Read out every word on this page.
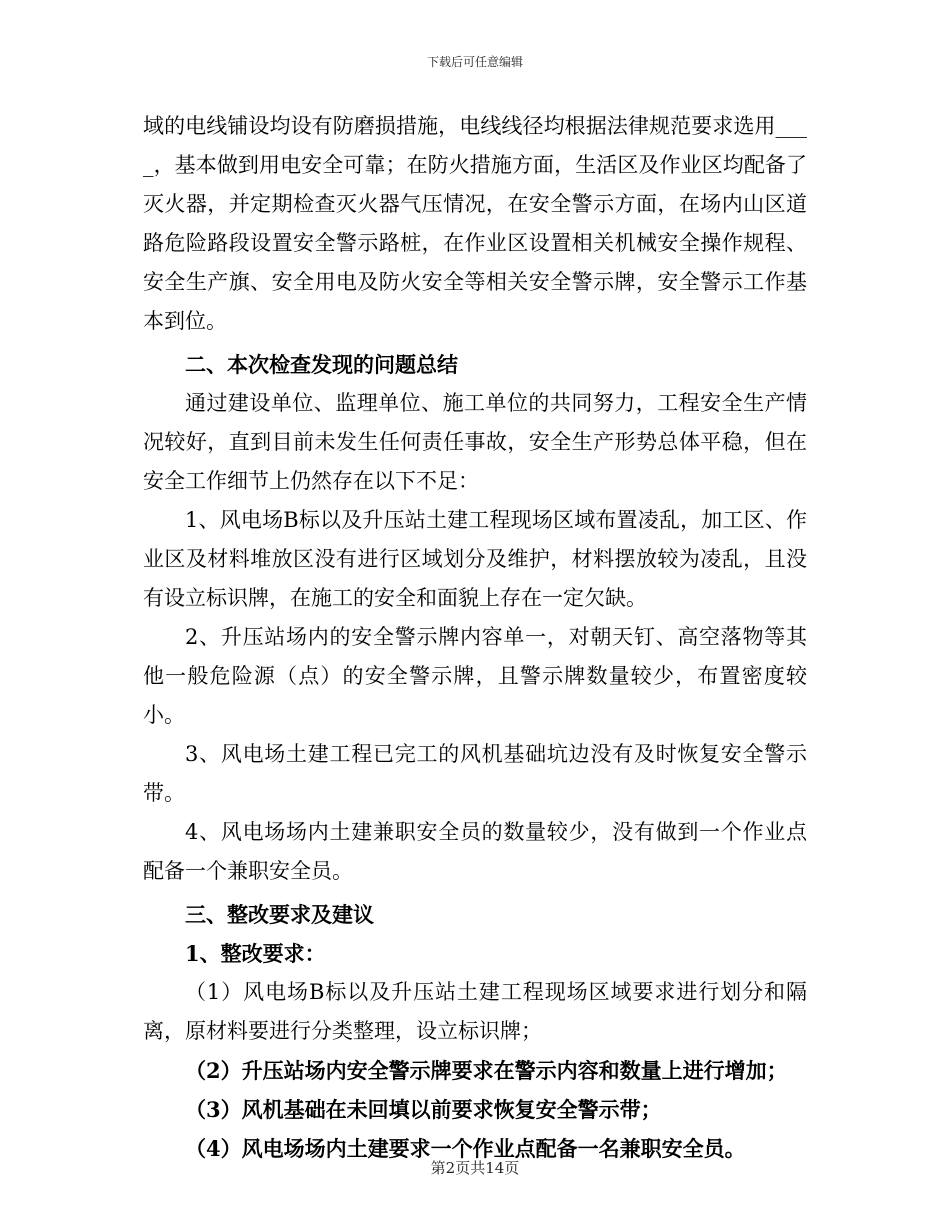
下载后可任意编辑

域的电线铺设均设有防磨损措施，电线线径均根据法律规范要求选用____，基本做到用电安全可靠；在防火措施方面，生活区及作业区均配备了灭火器，并定期检查灭火器气压情况，在安全警示方面，在场内山区道路危险路段设置安全警示路桩，在作业区设置相关机械安全操作规程、安全生产旗、安全用电及防火安全等相关安全警示牌，安全警示工作基本到位。

二、本次检查发现的问题总结

通过建设单位、监理单位、施工单位的共同努力，工程安全生产情况较好，直到目前未发生任何责任事故，安全生产形势总体平稳，但在安全工作细节上仍然存在以下不足：

1、风电场B标以及升压站土建工程现场区域布置凌乱，加工区、作业区及材料堆放区没有进行区域划分及维护，材料摆放较为凌乱，且没有设立标识牌，在施工的安全和面貌上存在一定欠缺。

2、升压站场内的安全警示牌内容单一，对朝天钉、高空落物等其他一般危险源（点）的安全警示牌，且警示牌数量较少，布置密度较小。

3、风电场土建工程已完工的风机基础坑边没有及时恢复安全警示带。

4、风电场场内土建兼职安全员的数量较少，没有做到一个作业点配备一个兼职安全员。

三、整改要求及建议

1、整改要求：

（1）风电场B标以及升压站土建工程现场区域要求进行划分和隔离，原材料要进行分类整理，设立标识牌；

（2）升压站场内安全警示牌要求在警示内容和数量上进行增加；

（3）风机基础在未回填以前要求恢复安全警示带；

（4）风电场场内土建要求一个作业点配备一名兼职安全员。

第2页共14页
